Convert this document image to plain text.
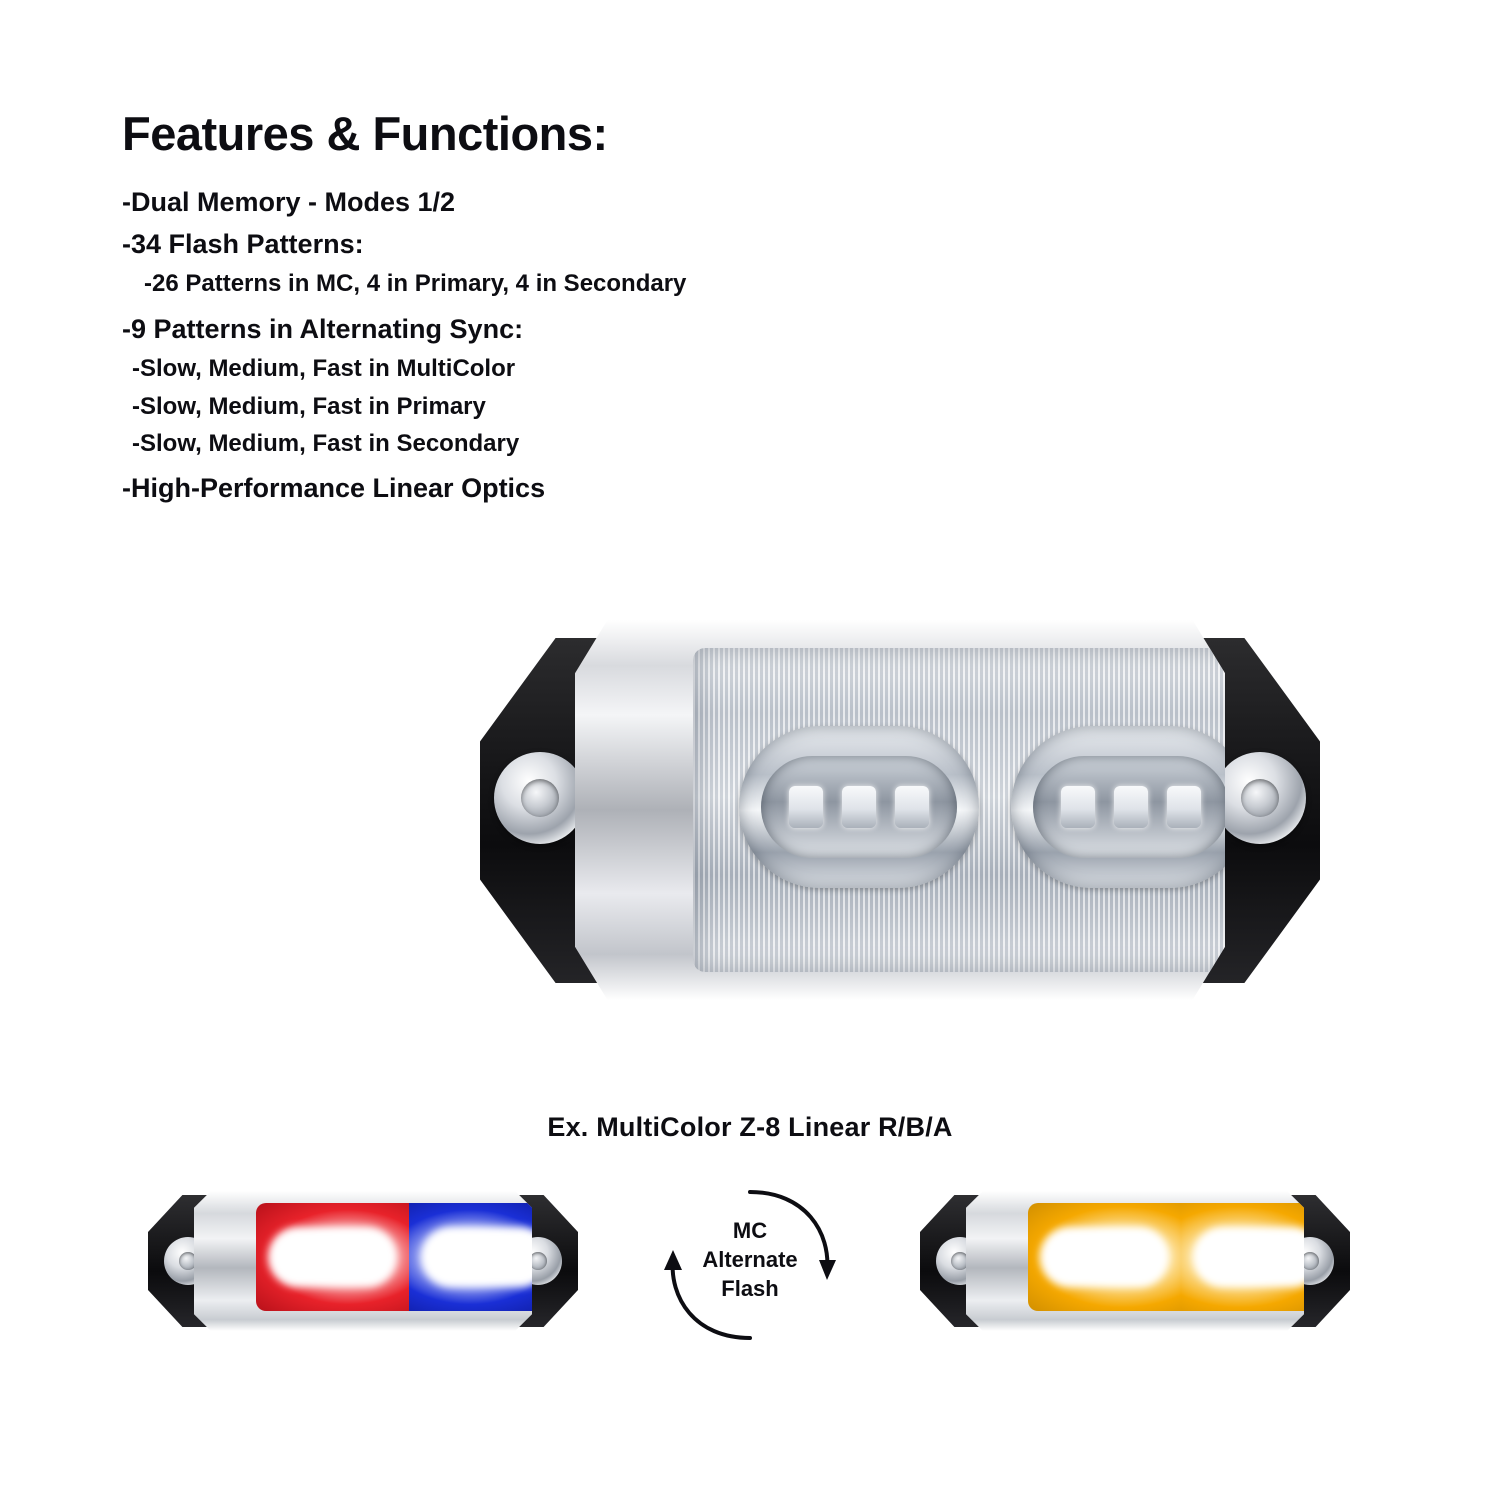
Features & Functions:
-Dual Memory - Modes 1/2
-34 Flash Patterns:
-26 Patterns in MC, 4 in Primary, 4 in Secondary
-9 Patterns in Alternating Sync:
-Slow, Medium, Fast in MultiColor
-Slow, Medium, Fast in Primary
-Slow, Medium, Fast in Secondary
-High-Performance Linear Optics
Ex. MultiColor Z-8 Linear R/B/A
MC
Alternate
Flash
